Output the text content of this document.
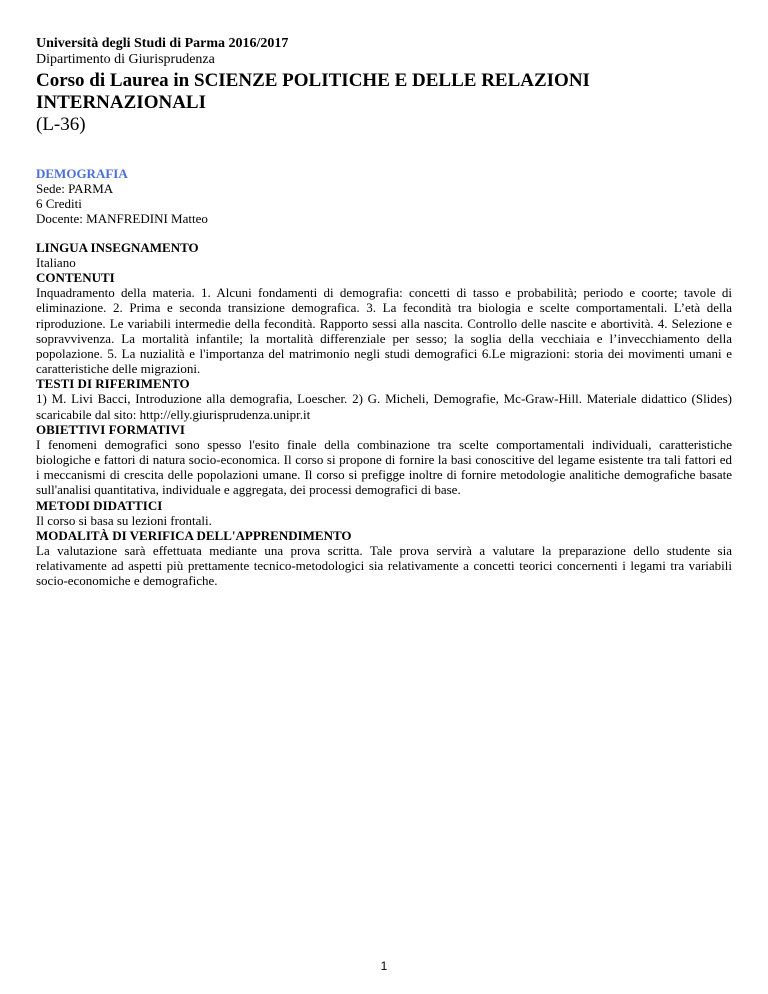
Università degli Studi di Parma 2016/2017
Dipartimento di Giurisprudenza
Corso di Laurea in SCIENZE POLITICHE E DELLE RELAZIONI INTERNAZIONALI
(L-36)
DEMOGRAFIA
Sede: PARMA
6 Crediti
Docente: MANFREDINI Matteo
LINGUA INSEGNAMENTO
Italiano
CONTENUTI
Inquadramento della materia. 1. Alcuni fondamenti di demografia: concetti di tasso e probabilità; periodo e coorte; tavole di eliminazione. 2. Prima e seconda transizione demografica. 3. La fecondità tra biologia e scelte comportamentali. L’età della riproduzione. Le variabili intermedie della fecondità. Rapporto sessi alla nascita. Controllo delle nascite e abortività. 4. Selezione e sopravvivenza. La mortalità infantile; la mortalità differenziale per sesso; la soglia della vecchiaia e l’invecchiamento della popolazione. 5. La nuzialità e l'importanza del matrimonio negli studi demografici 6.Le migrazioni: storia dei movimenti umani e caratteristiche delle migrazioni.
TESTI DI RIFERIMENTO
1) M. Livi Bacci, Introduzione alla demografia, Loescher. 2) G. Micheli, Demografie, Mc-Graw-Hill. Materiale didattico (Slides) scaricabile dal sito: http://elly.giurisprudenza.unipr.it
OBIETTIVI FORMATIVI
I fenomeni demografici sono spesso l'esito finale della combinazione tra scelte comportamentali individuali, caratteristiche biologiche e fattori di natura socio-economica. Il corso si propone di fornire la basi conoscitive del legame esistente tra tali fattori ed i meccanismi di crescita delle popolazioni umane. Il corso si prefigge inoltre di fornire metodologie analitiche demografiche basate sull'analisi quantitativa, individuale e aggregata, dei processi demografici di base.
METODI DIDATTICI
Il corso si basa su lezioni frontali.
MODALITÀ DI VERIFICA DELL'APPRENDIMENTO
La valutazione sarà effettuata mediante una prova scritta. Tale prova servirà a valutare la preparazione dello studente sia relativamente ad aspetti più prettamente tecnico-metodologici sia relativamente a concetti teorici concernenti i legami tra variabili socio-economiche e demografiche.
1
